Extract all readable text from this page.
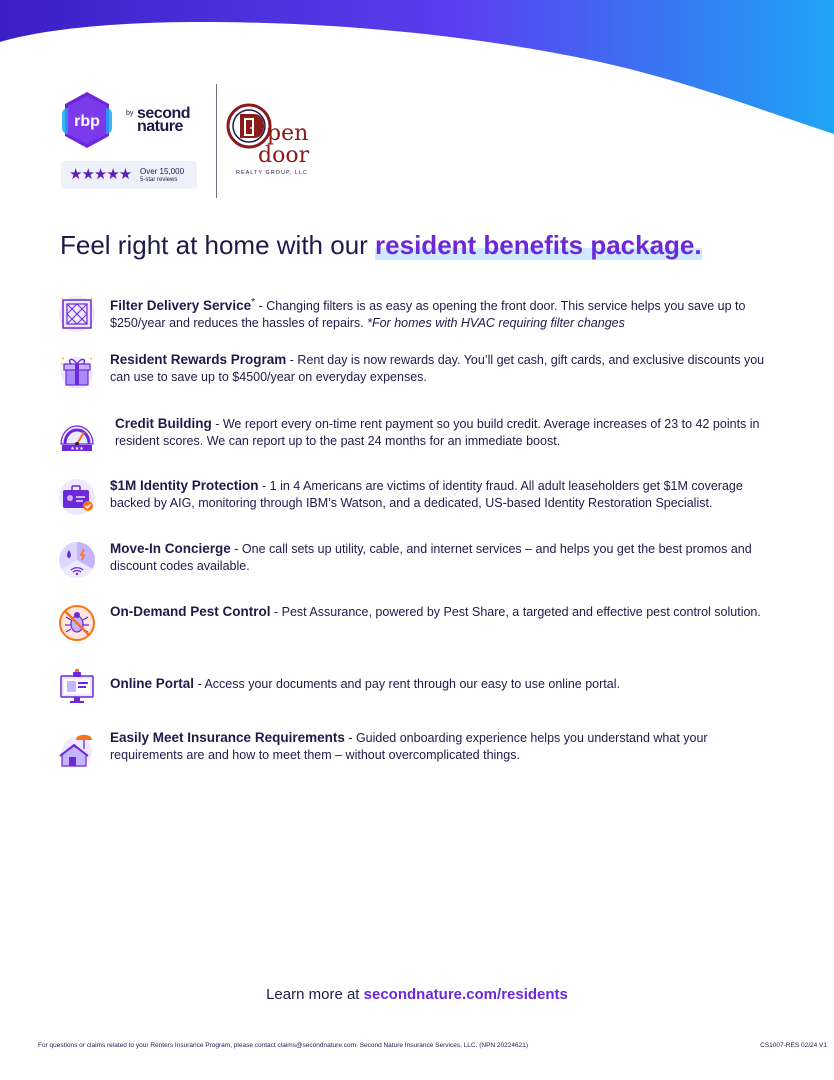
rbp	by second
nature
★★★★★ Over 15,000
5-star reviews
pen
door
REALTY GROUP, LLC
Feel right at home with our resident benefits package.
Filter Delivery Service* - Changing filters is as easy as opening the front door. This service helps you save up to $250/year and reduces the hassles of repairs. *For homes with HVAC requiring filter changes
Resident Rewards Program - Rent day is now rewards day. You’ll get cash, gift cards, and exclusive discounts you can use to save up to $4500/year on everyday expenses.
★★★
Credit Building - We report every on-time rent payment so you build credit. Average increases of 23 to 42 points in resident scores. We can report up to the past 24 months for an immediate boost.
$1M Identity Protection - 1 in 4 Americans are victims of identity fraud. All adult leaseholders get $1M coverage backed by AIG, monitoring through IBM’s Watson, and a dedicated, US-based Identity Restoration Specialist.
Move-In Concierge - One call sets up utility, cable, and internet services – and helps you get the best promos and discount codes available.
On-Demand Pest Control - Pest Assurance, powered by Pest Share, a targeted and effective pest control solution.
Online Portal - Access your documents and pay rent through our easy to use online portal.
Easily Meet Insurance Requirements - Guided onboarding experience helps you understand what your requirements are and how to meet them – without overcomplicated things.
Learn more at secondnature.com/residents
For questions or claims related to your Renters Insurance Program, please contact claims@secondnature.com. Second Nature Insurance Services, LLC. (NPN 20224621)	CS1007-RES 02/24 V1
